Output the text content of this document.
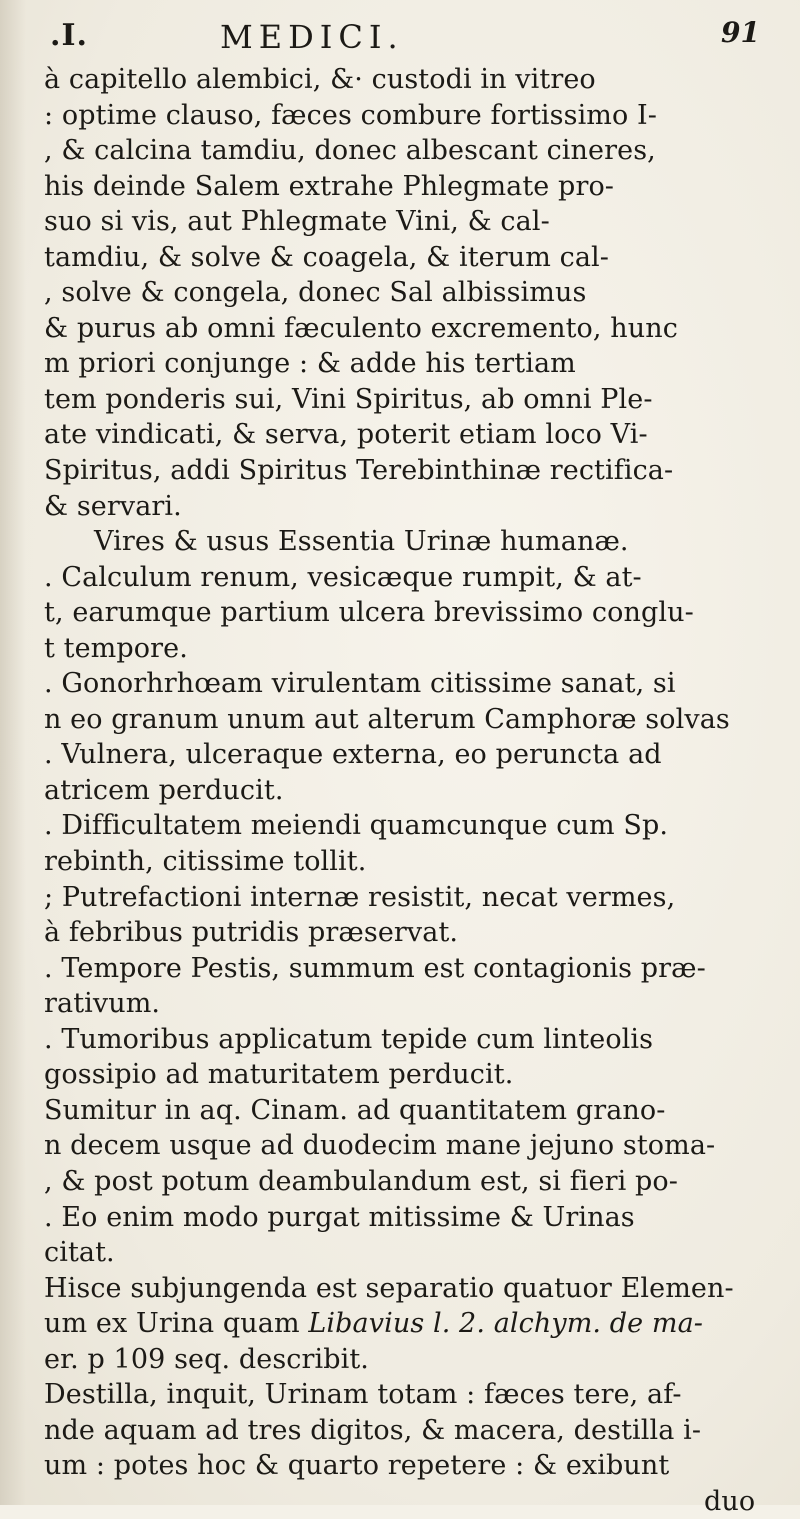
.I.	MEDICI.	91
à capitello alembici, &· custodi in vitreo
: optime clauso, fæces combure fortissimo I-
, & calcina tamdiu, donec albescant cineres,
his deinde Salem extrahe Phlegmate pro-
suo si vis, aut Phlegmate Vini, & cal-
tamdiu, & solve & coagela, & iterum cal-
, solve & congela, donec Sal albissimus
& purus ab omni fæculento excremento, hunc
m priori conjunge : & adde his tertiam
tem ponderis sui, Vini Spiritus, ab omni Ple-
ate vindicati, & serva, poterit etiam loco Vi-
Spiritus, addi Spiritus Terebinthinæ rectifica-
& servari.
Vires & usus Essentia Urinæ humanæ.
. Calculum renum, vesicæque rumpit, & at-
t, earumque partium ulcera brevissimo conglu-
t tempore.
. Gonorhrhœam virulentam citissime sanat, si
n eo granum unum aut alterum Camphoræ solvas
. Vulnera, ulceraque externa, eo peruncta ad
atricem perducit.
. Difficultatem meiendi quamcunque cum Sp.
rebinth, citissime tollit.
; Putrefactioni internæ resistit, necat vermes,
à febribus putridis præservat.
. Tempore Pestis, summum est contagionis præ-
rativum.
. Tumoribus applicatum tepide cum linteolis
gossipio ad maturitatem perducit.
Sumitur in aq. Cinam. ad quantitatem grano-
n decem usque ad duodecim mane jejuno stoma-
, & post potum deambulandum est, si fieri po-
. Eo enim modo purgat mitissime & Urinas
citat.
Hisce subjungenda est separatio quatuor Elemen-
um ex Urina quam Libavius l. 2. alchym. de ma-
er. p 109 seq. describit.
Destilla, inquit, Urinam totam : fæces tere, af-
nde aquam ad tres digitos, & macera, destilla i-
um : potes hoc & quarto repetere : & exibunt
duo
